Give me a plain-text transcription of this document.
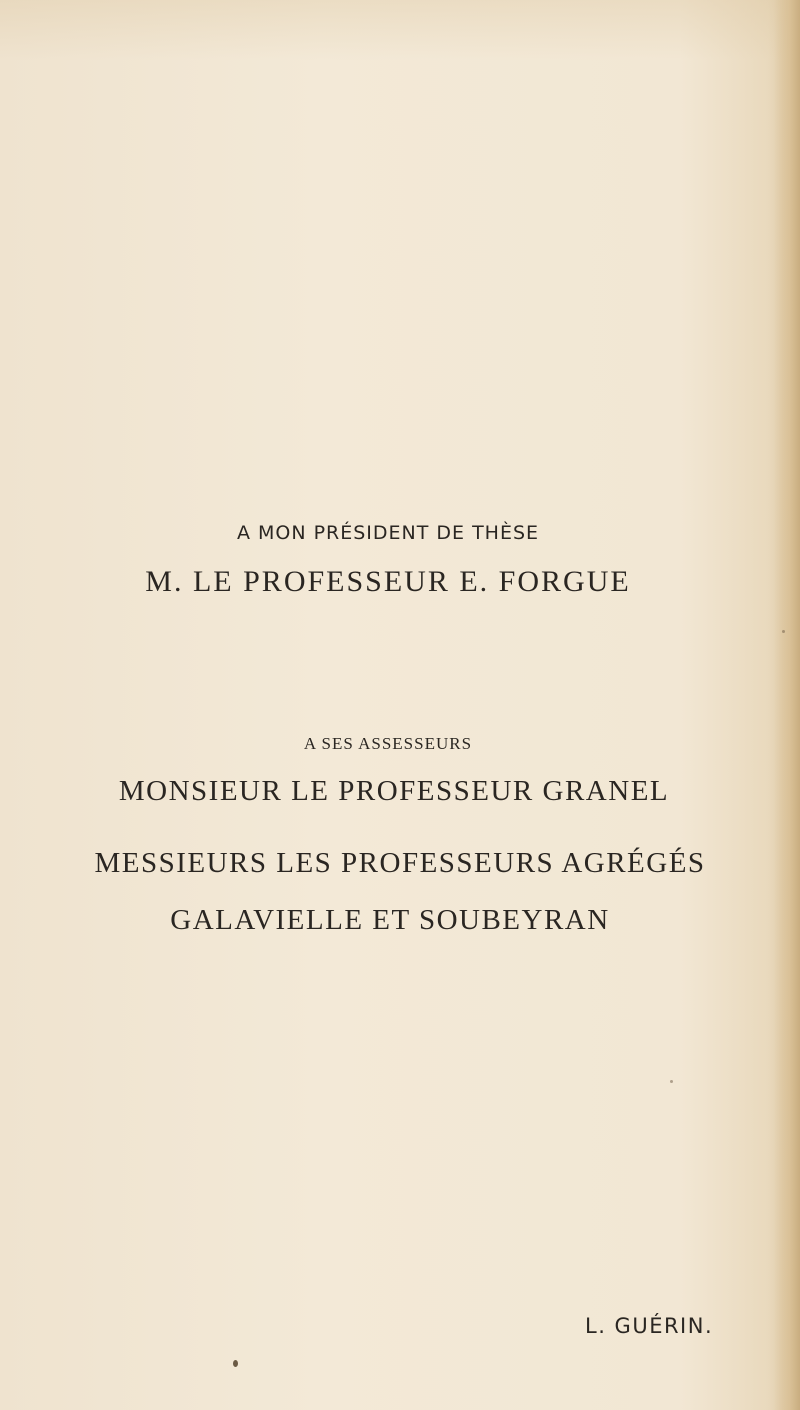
A MON PRÉSIDENT DE THÈSE
M. LE PROFESSEUR E. FORGUE
A SES ASSESSEURS
MONSIEUR LE PROFESSEUR GRANEL
MESSIEURS LES PROFESSEURS AGRÉGÉS
GALAVIELLE ET SOUBEYRAN
L. GUÉRIN.
